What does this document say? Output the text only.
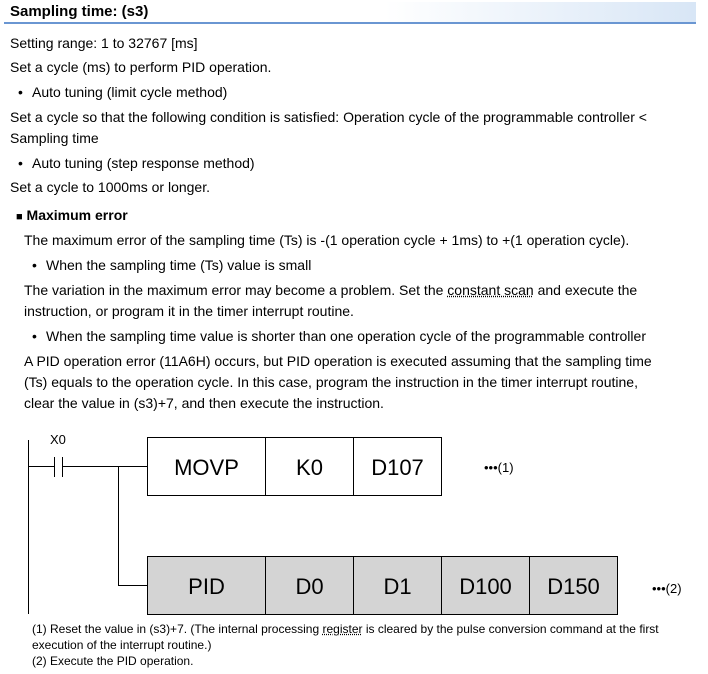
Sampling time: (s3)
Setting range: 1 to 32767 [ms]
Set a cycle (ms) to perform PID operation.
• Auto tuning (limit cycle method)
Set a cycle so that the following condition is satisfied: Operation cycle of the programmable controller <
Sampling time
• Auto tuning (step response method)
Set a cycle to 1000ms or longer.
■ Maximum error
The maximum error of the sampling time (Ts) is -(1 operation cycle + 1ms) to +(1 operation cycle).
• When the sampling time (Ts) value is small
The variation in the maximum error may become a problem. Set the constant scan and execute the
instruction, or program it in the timer interrupt routine.
• When the sampling time value is shorter than one operation cycle of the programmable controller
A PID operation error (11A6H) occurs, but PID operation is executed assuming that the sampling time
(Ts) equals to the operation cycle. In this case, program the instruction in the timer interrupt routine,
clear the value in (s3)+7, and then execute the instruction.
X0
MOVP	K0 D107	•••(1)
PID	D0	D1 D100 D150	•••(2)
(1) Reset the value in (s3)+7. (The internal processing register is cleared by the pulse conversion command at the first
execution of the interrupt routine.)
(2) Execute the PID operation.
